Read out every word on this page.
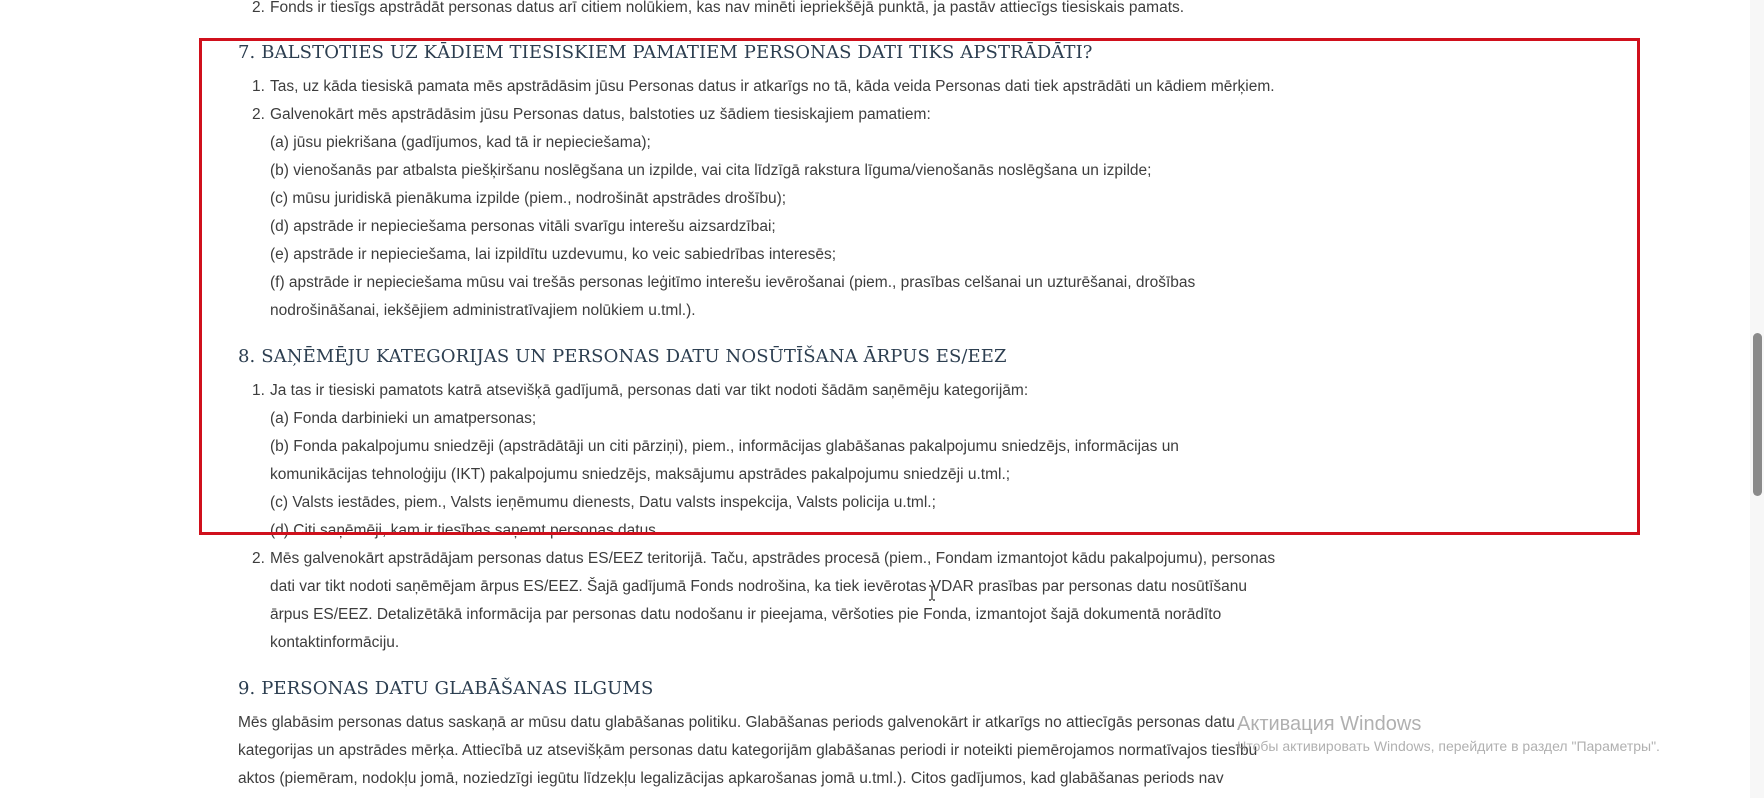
2. Fonds ir tiesīgs apstrādāt personas datus arī citiem nolūkiem, kas nav minēti iepriekšējā punktā, ja pastāv attiecīgs tiesiskais pamats.
7. BALSTOTIES UZ KĀDIEM TIESISKIEM PAMATIEM PERSONAS DATI TIKS APSTRĀDĀTI?
1. Tas, uz kāda tiesiskā pamata mēs apstrādāsim jūsu Personas datus ir atkarīgs no tā, kāda veida Personas dati tiek apstrādāti un kādiem mērķiem.
2. Galvenokārt mēs apstrādāsim jūsu Personas datus, balstoties uz šādiem tiesiskajiem pamatiem:
(a) jūsu piekrišana (gadījumos, kad tā ir nepieciešama);
(b) vienošanās par atbalsta piešķiršanu noslēgšana un izpilde, vai cita līdzīgā rakstura līguma/vienošanās noslēgšana un izpilde;
(c) mūsu juridiskā pienākuma izpilde (piem., nodrošināt apstrādes drošību);
(d) apstrāde ir nepieciešama personas vitāli svarīgu interešu aizsardzībai;
(e) apstrāde ir nepieciešama, lai izpildītu uzdevumu, ko veic sabiedrības interesēs;
(f) apstrāde ir nepieciešama mūsu vai trešās personas leģitīmo interešu ievērošanai (piem., prasības celšanai un uzturēšanai, drošības
nodrošināšanai, iekšējiem administratīvajiem nolūkiem u.tml.).
8. SAŅĒMĒJU KATEGORIJAS UN PERSONAS DATU NOSŪTĪŠANA ĀRPUS ES/EEZ
1. Ja tas ir tiesiski pamatots katrā atsevišķā gadījumā, personas dati var tikt nodoti šādām saņēmēju kategorijām:
(a) Fonda darbinieki un amatpersonas;
(b) Fonda pakalpojumu sniedzēji (apstrādātāji un citi pārziņi), piem., informācijas glabāšanas pakalpojumu sniedzējs, informācijas un
komunikācijas tehnoloģiju (IKT) pakalpojumu sniedzējs, maksājumu apstrādes pakalpojumu sniedzēji u.tml.;
(c) Valsts iestādes, piem., Valsts ieņēmumu dienests, Datu valsts inspekcija, Valsts policija u.tml.;
(d) Citi saņēmēji, kam ir tiesības saņemt personas datus.
2. Mēs galvenokārt apstrādājam personas datus ES/EEZ teritorijā. Taču, apstrādes procesā (piem., Fondam izmantojot kādu pakalpojumu), personas
dati var tikt nodoti saņēmējam ārpus ES/EEZ. Šajā gadījumā Fonds nodrošina, ka tiek ievērotas VDAR prasības par personas datu nosūtīšanu
ārpus ES/EEZ. Detalizētākā informācija par personas datu nodošanu ir pieejama, vēršoties pie Fonda, izmantojot šajā dokumentā norādīto
kontaktinformāciju.
9. PERSONAS DATU GLABĀŠANAS ILGUMS
Mēs glabāsim personas datus saskaņā ar mūsu datu glabāšanas politiku. Glabāšanas periods galvenokārt ir atkarīgs no attiecīgās personas datu
kategorijas un apstrādes mērķa. Attiecībā uz atsevišķām personas datu kategorijām glabāšanas periodi ir noteikti piemērojamos normatīvajos tiesību
aktos (piemēram, nodokļu jomā, noziedzīgi iegūtu līdzekļu legalizācijas apkarošanas jomā u.tml.). Citos gadījumos, kad glabāšanas periods nav
Активация Windows
Чтобы активировать Windows, перейдите в раздел "Параметры".
